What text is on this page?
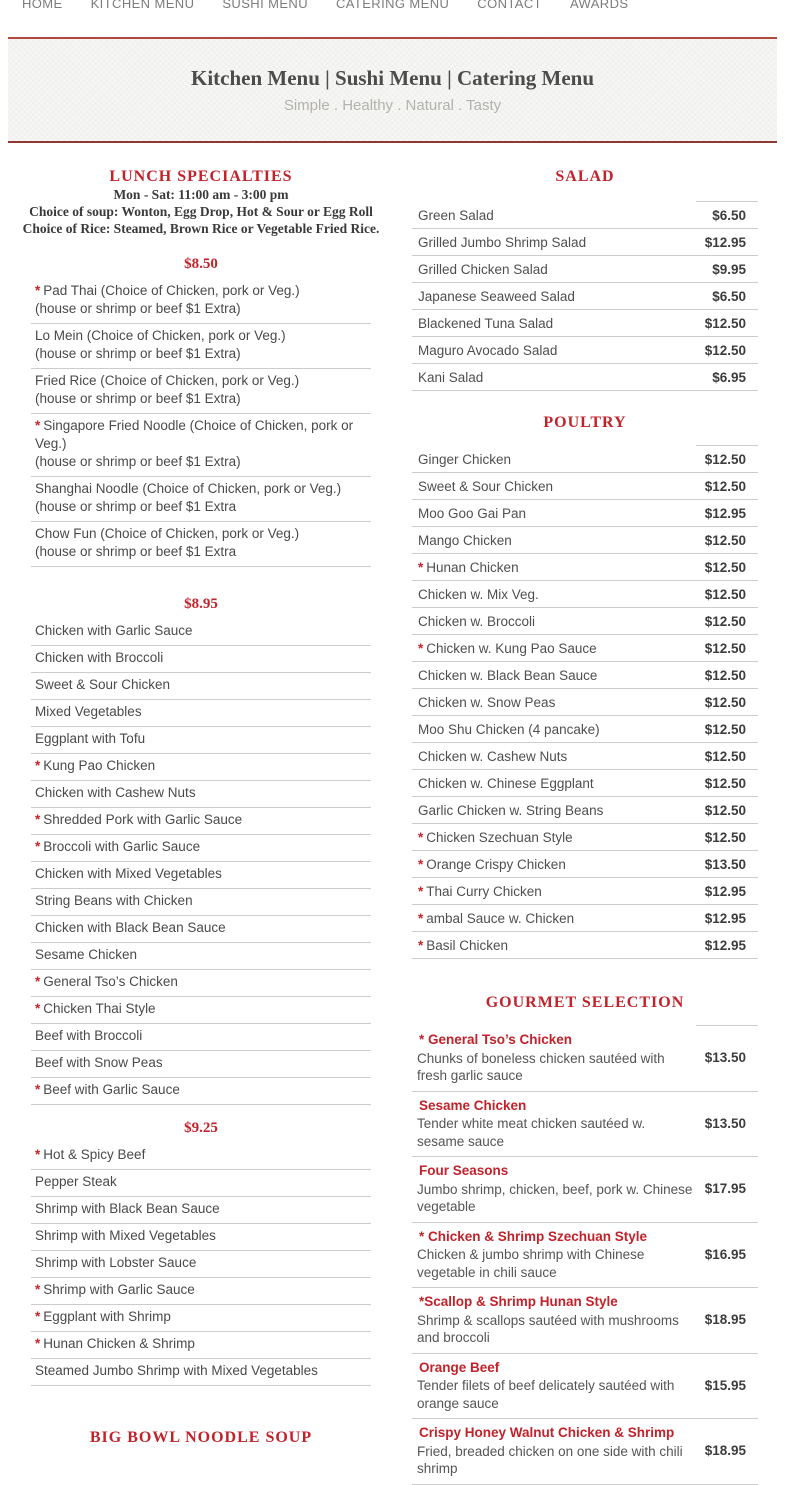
HOME	KITCHEN MENU	SUSHI MENU	CATERING MENU	CONTACT	AWARDS
Kitchen Menu | Sushi Menu | Catering Menu
Simple . Healthy . Natural . Tasty
LUNCH SPECIALTIES
Mon - Sat: 11:00 am - 3:00 pm
Choice of soup: Wonton, Egg Drop, Hot & Sour or Egg Roll
Choice of Rice: Steamed, Brown Rice or Vegetable Fried Rice.
$8.50
* Pad Thai (Choice of Chicken, pork or Veg.)
(house or shrimp or beef $1 Extra)
Lo Mein (Choice of Chicken, pork or Veg.)
(house or shrimp or beef $1 Extra)
Fried Rice (Choice of Chicken, pork or Veg.)
(house or shrimp or beef $1 Extra)
* Singapore Fried Noodle (Choice of Chicken, pork or Veg.)
(house or shrimp or beef $1 Extra)
Shanghai Noodle (Choice of Chicken, pork or Veg.)
(house or shrimp or beef $1 Extra
Chow Fun (Choice of Chicken, pork or Veg.)
(house or shrimp or beef $1 Extra
$8.95
Chicken with Garlic Sauce
Chicken with Broccoli
Sweet & Sour Chicken
Mixed Vegetables
Eggplant with Tofu
* Kung Pao Chicken
Chicken with Cashew Nuts
* Shredded Pork with Garlic Sauce
* Broccoli with Garlic Sauce
Chicken with Mixed Vegetables
String Beans with Chicken
Chicken with Black Bean Sauce
Sesame Chicken
* General Tso’s Chicken
* Chicken Thai Style
Beef with Broccoli
Beef with Snow Peas
* Beef with Garlic Sauce
$9.25
* Hot & Spicy Beef
Pepper Steak
Shrimp with Black Bean Sauce
Shrimp with Mixed Vegetables
Shrimp with Lobster Sauce
* Shrimp with Garlic Sauce
* Eggplant with Shrimp
* Hunan Chicken & Shrimp
Steamed Jumbo Shrimp with Mixed Vegetables
BIG BOWL NOODLE SOUP
SALAD
Green Salad	$6.50
Grilled Jumbo Shrimp Salad	$12.95
Grilled Chicken Salad	$9.95
Japanese Seaweed Salad	$6.50
Blackened Tuna Salad	$12.50
Maguro Avocado Salad	$12.50
Kani Salad	$6.95
POULTRY
Ginger Chicken	$12.50
Sweet & Sour Chicken	$12.50
Moo Goo Gai Pan	$12.95
Mango Chicken	$12.50
* Hunan Chicken	$12.50
Chicken w. Mix Veg.	$12.50
Chicken w. Broccoli	$12.50
* Chicken w. Kung Pao Sauce	$12.50
Chicken w. Black Bean Sauce	$12.50
Chicken w. Snow Peas	$12.50
Moo Shu Chicken (4 pancake)	$12.50
Chicken w. Cashew Nuts	$12.50
Chicken w. Chinese Eggplant	$12.50
Garlic Chicken w. String Beans	$12.50
* Chicken Szechuan Style	$12.50
* Orange Crispy Chicken	$13.50
* Thai Curry Chicken	$12.95
* ambal Sauce w. Chicken	$12.95
* Basil Chicken	$12.95
GOURMET SELECTION
* General Tso’s Chicken
Chunks of boneless chicken sautéed with fresh garlic sauce
$13.50
Sesame Chicken
Tender white meat chicken sautéed w. sesame sauce
$13.50
Four Seasons
Jumbo shrimp, chicken, beef, pork w. Chinese vegetable
$17.95
* Chicken & Shrimp Szechuan Style
Chicken & jumbo shrimp with Chinese vegetable in chili sauce
$16.95
*Scallop & Shrimp Hunan Style
Shrimp & scallops sautéed with mushrooms and broccoli
$18.95
Orange Beef
Tender filets of beef delicately sautéed with orange sauce
$15.95
Crispy Honey Walnut Chicken & Shrimp
Fried, breaded chicken on one side with chili shrimp
$18.95
